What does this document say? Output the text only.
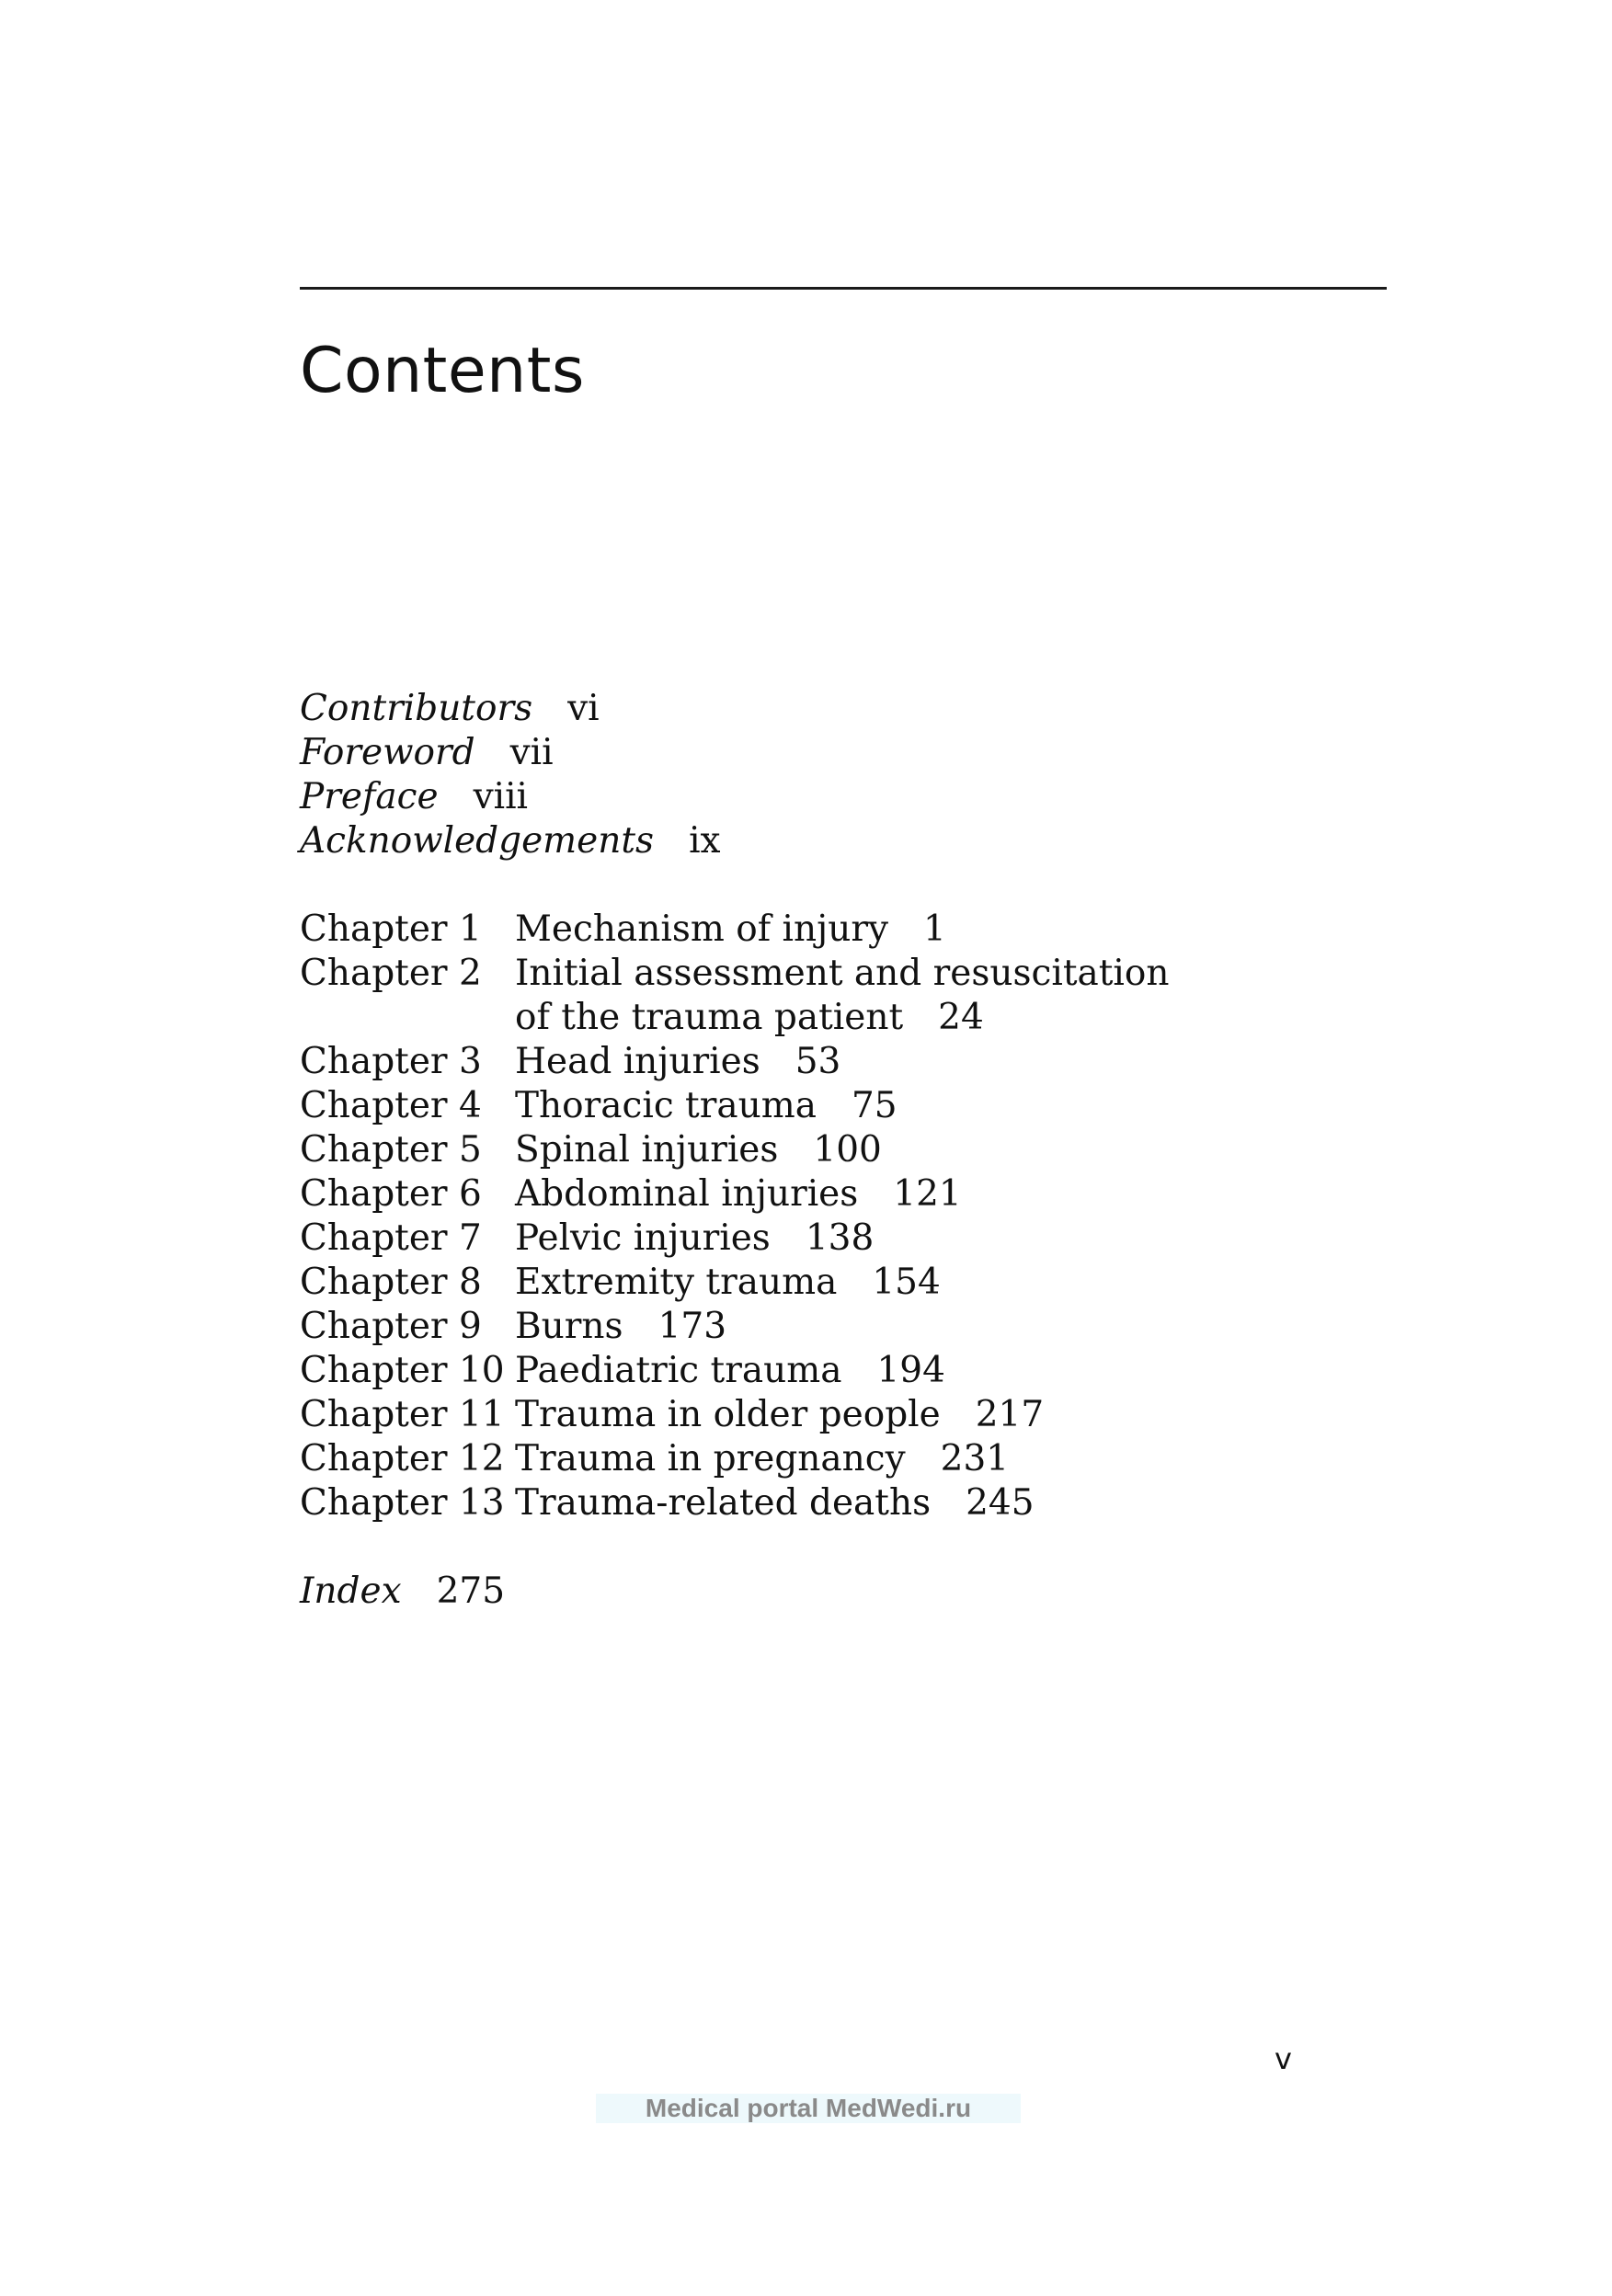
Contents
Contributors vi
Foreword vii
Preface viii
Acknowledgements ix
Chapter 1 Mechanism of injury 1
Chapter 2 Initial assessment and resuscitation of the trauma patient 24
Chapter 3 Head injuries 53
Chapter 4 Thoracic trauma 75
Chapter 5 Spinal injuries 100
Chapter 6 Abdominal injuries 121
Chapter 7 Pelvic injuries 138
Chapter 8 Extremity trauma 154
Chapter 9 Burns 173
Chapter 10 Paediatric trauma 194
Chapter 11 Trauma in older people 217
Chapter 12 Trauma in pregnancy 231
Chapter 13 Trauma-related deaths 245
Index 275
v
Medical portal MedWedi.ru
